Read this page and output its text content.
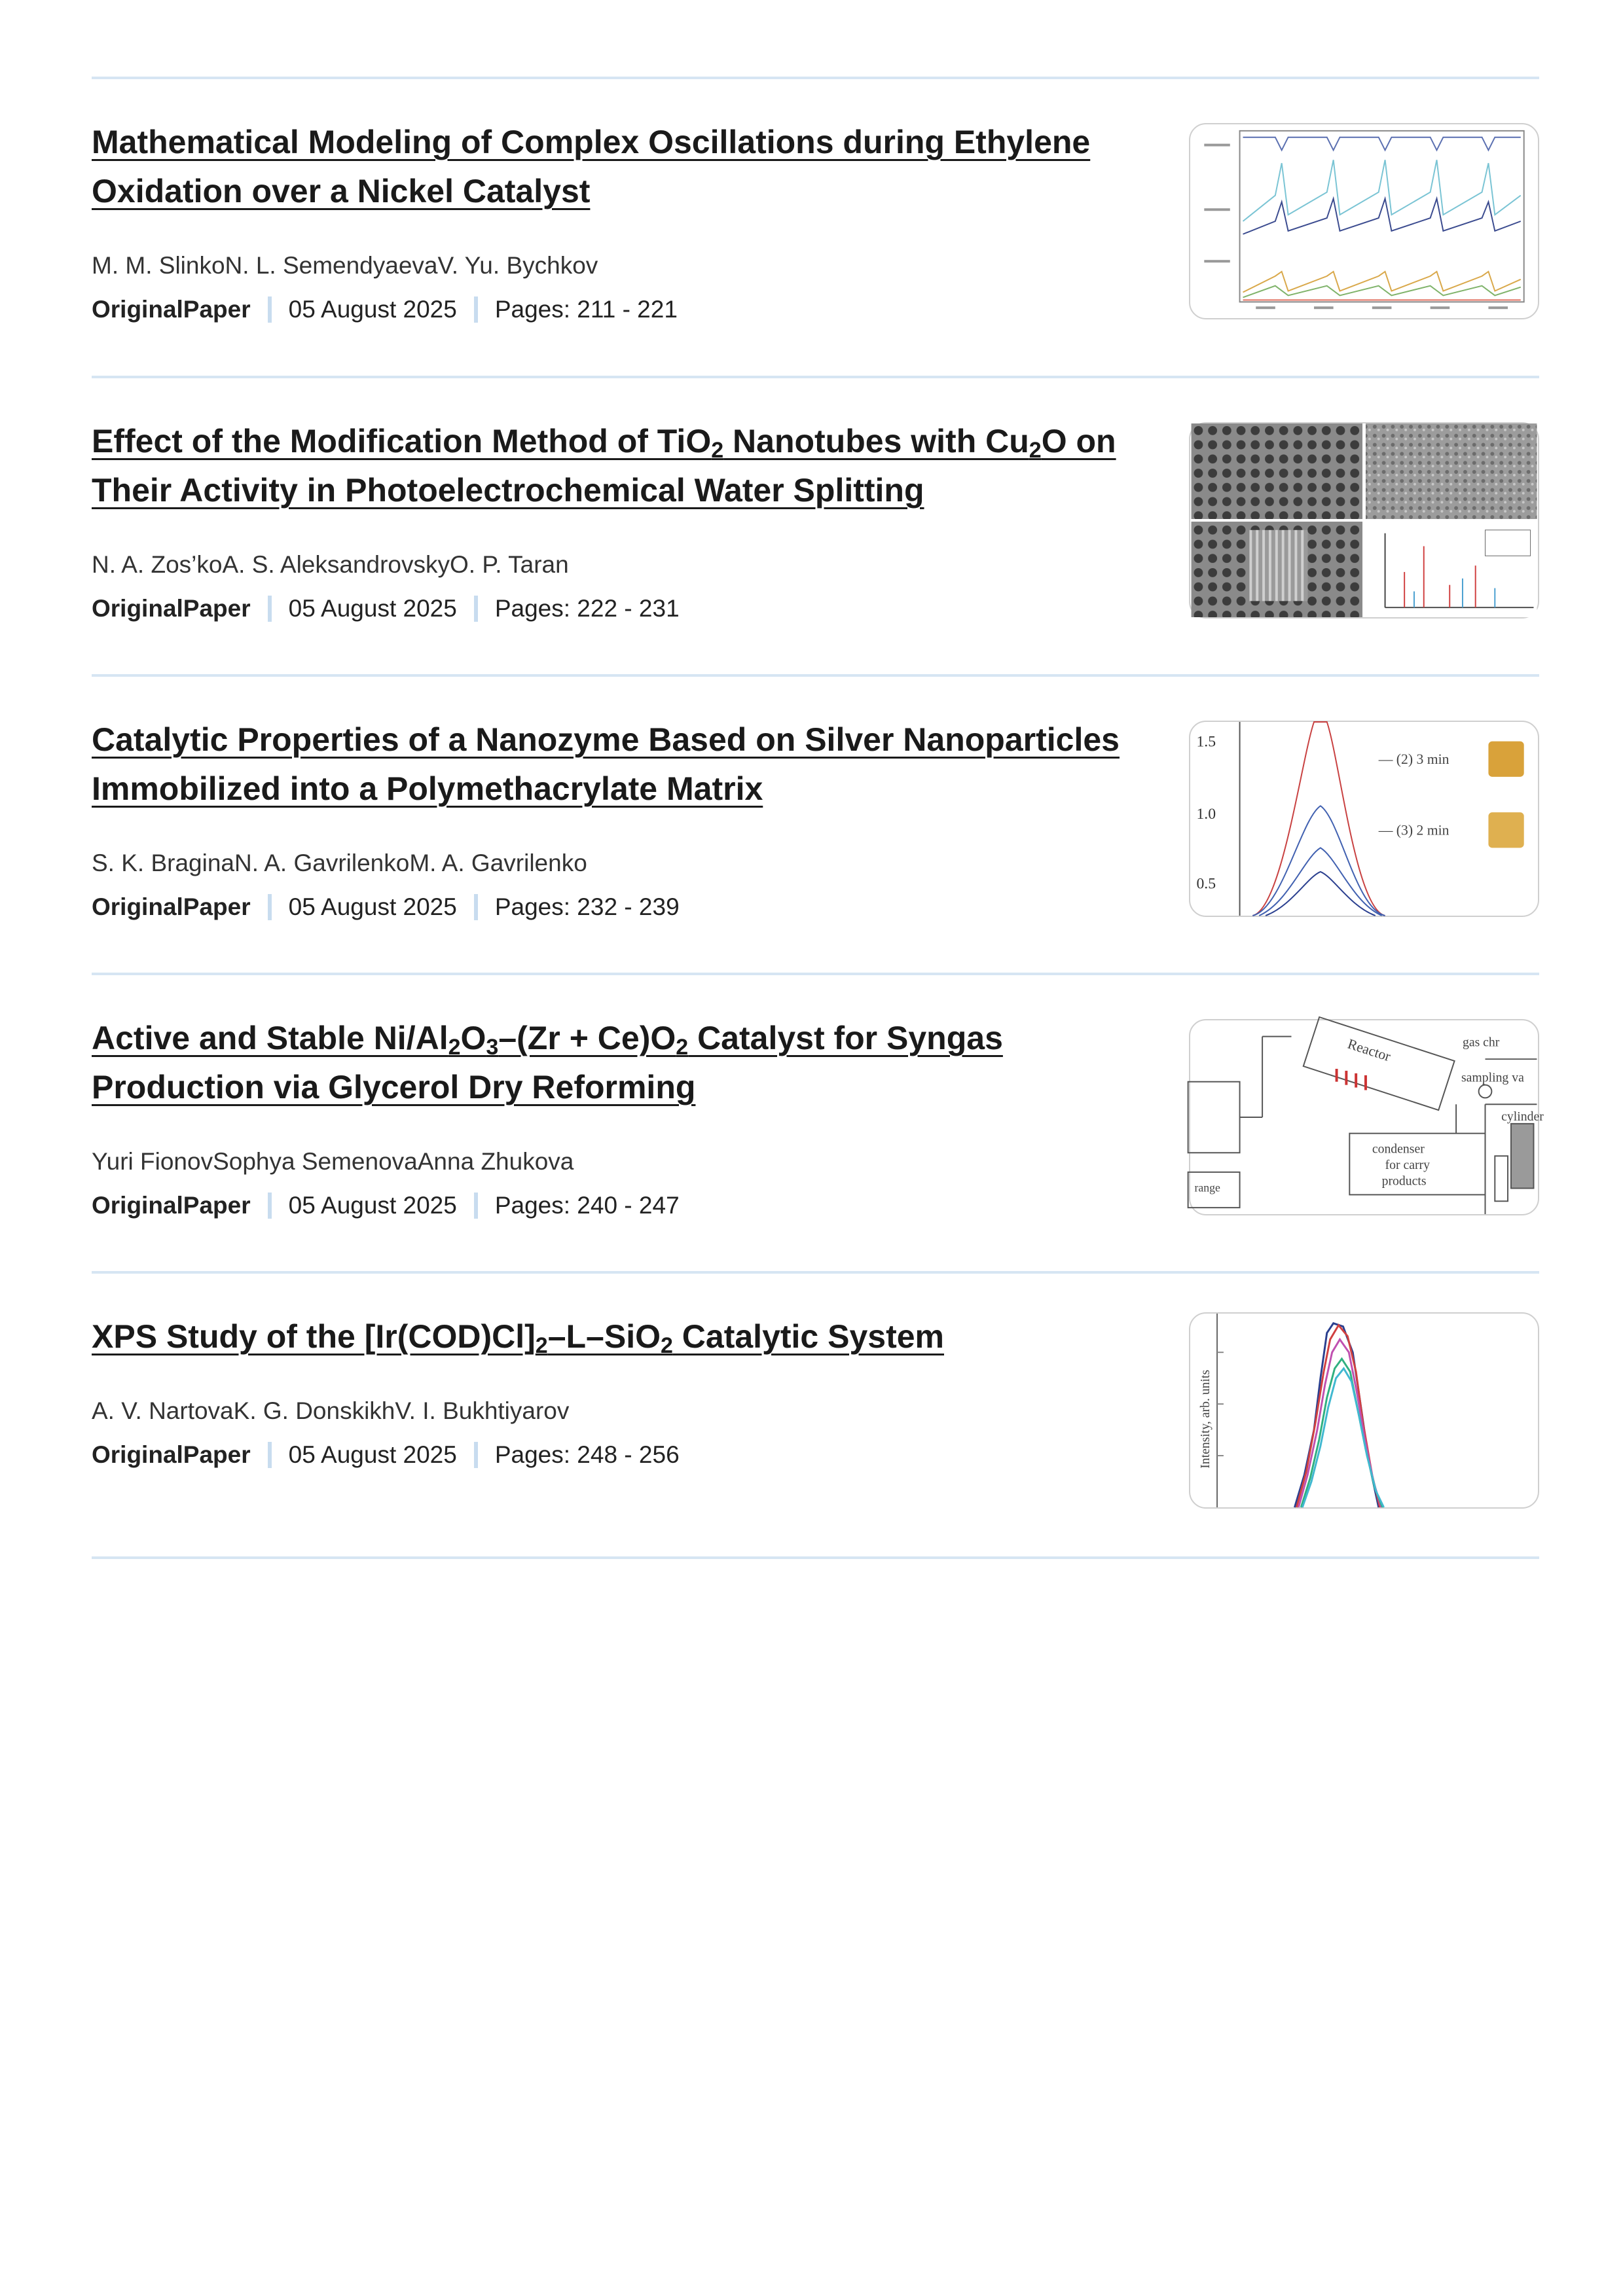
Mathematical Modeling of Complex Oscillations during Ethylene
Oxidation over a Nickel Catalyst
M. M. SlinkoN. L. SemendyaevaV. Yu. Bychkov
OriginalPaper 05 August 2025 Pages: 211 - 221
Effect of the Modification Method of TiO$_2$ Nanotubes with $Cu_2O$ on
Their Activity in Photoelectrochemical Water Splitting
N. A. Zos’koA. S. AleksandrovskyO. P. Taran
OriginalPaper 05 August 2025 Pages: 222 - 231
Catalytic Properties of a Nanozyme Based on Silver Nanoparticles
Immobilized into a Polymethacrylate Matrix
S. K. BraginaN. A. GavrilenkoM. A. Gavrilenko
OriginalPaper 05 August 2025 Pages: 232 - 239
1.5
1.0
0.5
— (2) 3 min
— (3) 2 min
Active and Stable $Ni/Al_2O_3-(Zr + Ce)O_2$ Catalyst for Syngas
Production via Glycerol Dry Reforming
Yuri FionovSophya SemenovaAnna Zhukova
OriginalPaper 05 August 2025 Pages: 240 - 247
range
Reactor
condenser
for carry
products
gas chr
sampling va
cylinder
XPS Study of the $[Ir(COD)Cl]_2-L-SiO_2$ Catalytic System
A. V. NartovaK. G. DonskikhV. I. Bukhtiyarov
OriginalPaper 05 August 2025 Pages: 248 - 256	Intensity, arb. units
